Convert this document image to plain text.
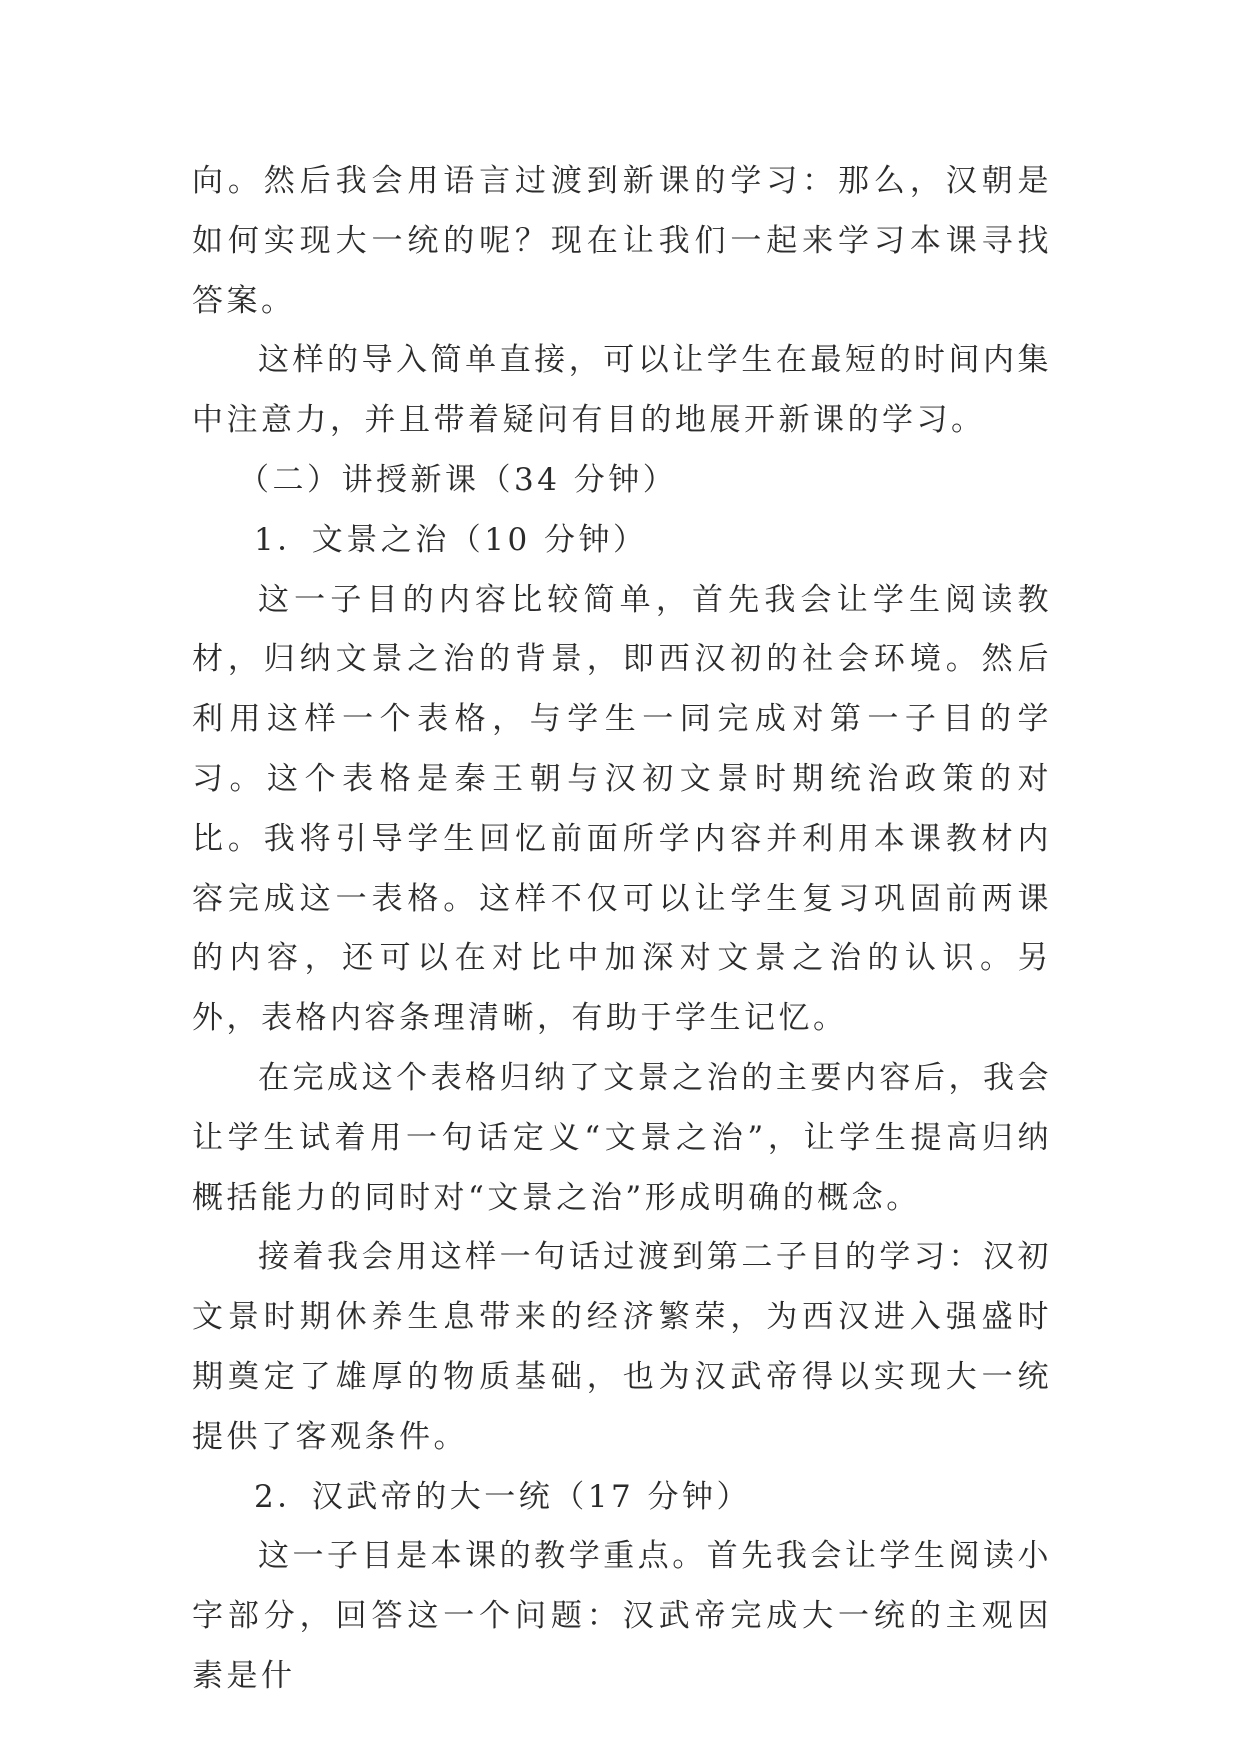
向。然后我会用语言过渡到新课的学习：那么，汉朝是如何实现大一统的呢？现在让我们一起来学习本课寻找答案。

这样的导入简单直接，可以让学生在最短的时间内集中注意力，并且带着疑问有目的地展开新课的学习。

（二）讲授新课（34 分钟）

1．文景之治（10 分钟）

这一子目的内容比较简单，首先我会让学生阅读教材，归纳文景之治的背景，即西汉初的社会环境。然后利用这样一个表格，与学生一同完成对第一子目的学习。这个表格是秦王朝与汉初文景时期统治政策的对比。我将引导学生回忆前面所学内容并利用本课教材内容完成这一表格。这样不仅可以让学生复习巩固前两课的内容，还可以在对比中加深对文景之治的认识。另外，表格内容条理清晰，有助于学生记忆。

在完成这个表格归纳了文景之治的主要内容后，我会让学生试着用一句话定义“文景之治”，让学生提高归纳概括能力的同时对“文景之治”形成明确的概念。

接着我会用这样一句话过渡到第二子目的学习：汉初文景时期休养生息带来的经济繁荣，为西汉进入强盛时期奠定了雄厚的物质基础，也为汉武帝得以实现大一统提供了客观条件。

2．汉武帝的大一统（17 分钟）

这一子目是本课的教学重点。首先我会让学生阅读小字部分，回答这一个问题：汉武帝完成大一统的主观因素是什
